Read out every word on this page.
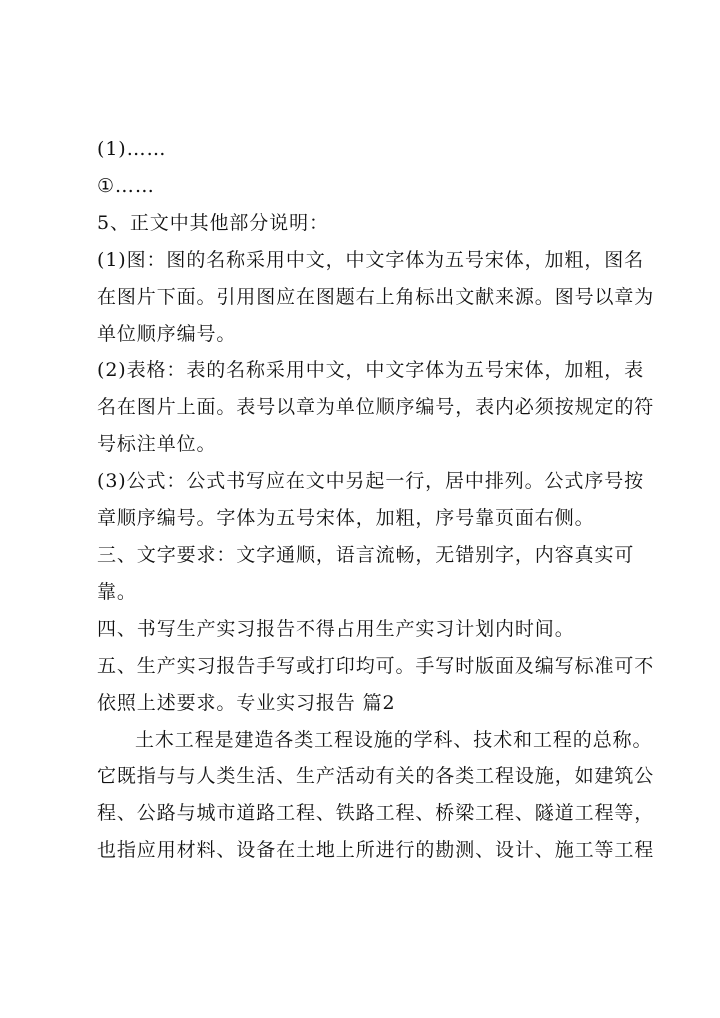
(1)……
①……
5、正文中其他部分说明：
(1)图：图的名称采用中文，中文字体为五号宋体，加粗，图名
在图片下面。引用图应在图题右上角标出文献来源。图号以章为
单位顺序编号。
(2)表格：表的名称采用中文，中文字体为五号宋体，加粗，表
名在图片上面。表号以章为单位顺序编号，表内必须按规定的符
号标注单位。
(3)公式：公式书写应在文中另起一行，居中排列。公式序号按
章顺序编号。字体为五号宋体，加粗，序号靠页面右侧。
三、文字要求：文字通顺，语言流畅，无错别字，内容真实可
靠。
四、书写生产实习报告不得占用生产实习计划内时间。
五、生产实习报告手写或打印均可。手写时版面及编写标准可不
依照上述要求。专业实习报告 篇2
土木工程是建造各类工程设施的学科、技术和工程的总称。
它既指与与人类生活、生产活动有关的各类工程设施，如建筑公
程、公路与城市道路工程、铁路工程、桥梁工程、隧道工程等，
也指应用材料、设备在土地上所进行的勘测、设计、施工等工程
